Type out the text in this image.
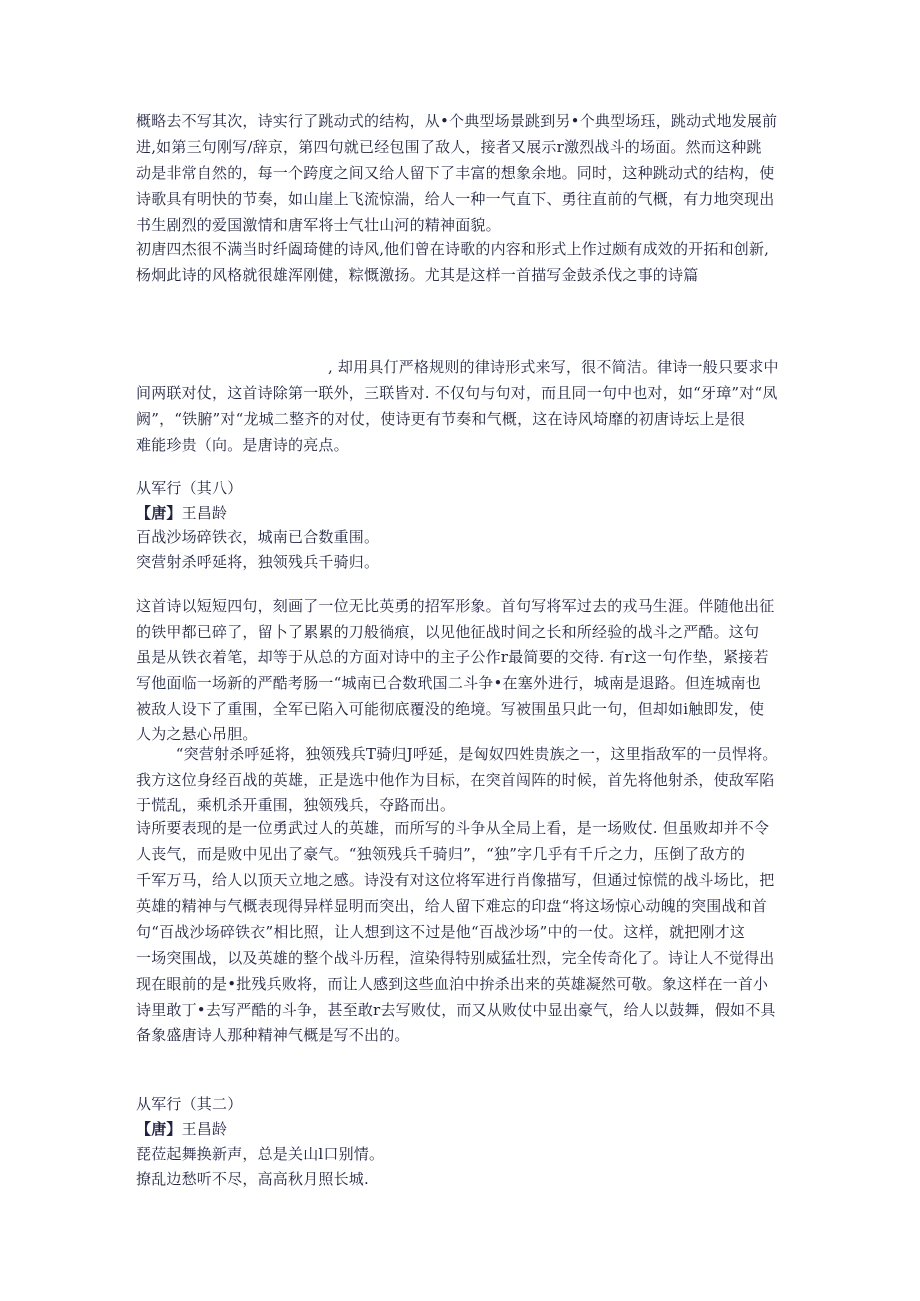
概略去不写其次，诗实行了跳动式的结构，从•个典型场景跳到另•个典型场珏，跳动式地发展前
进,如第三句刚写/辞京，第四句就已经包围了敌人，接者又展示r激烈战斗的场面。然而这种跳
动是非常自然的，每一个跨度之间又给人留下了丰富的想象余地。同时，这种跳动式的结构，使
诗歌具有明快的节奏，如山崖上飞流惊湍，给人一种一气直下、勇往直前的气概，有力地突现出
书生剧烈的爱国激情和唐军将士气壮山河的精神面貌。
初唐四杰很不满当时纤阖琦健的诗风,他们曾在诗歌的内容和形式上作过颇有成效的开拓和创新,
杨炯此诗的风格就很雄浑刚健，粽慨激扬。尤其是这样一首描写金鼓杀伐之事的诗篇
, 却用具仃严格规则的律诗形式来写，很不简洁。律诗一般只要求中
间两联对仗，这首诗除第一联外，三联皆对. 不仅句与句对，而且同一句中也对，如“牙璋”对“凤
阙”，“铁腑”对“龙城二整齐的对仗，使诗更有节奏和气概，这在诗风埼靡的初唐诗坛上是很
难能珍贵（向。是唐诗的亮点。
从军行（其八）
【唐】王昌龄
百战沙场碎铁衣，城南已合数重围。
突营射杀呼延将，独领残兵千骑归。
这首诗以短短四句，刻画了一位无比英勇的招军形象。首句写将军过去的戎马生涯。伴随他出征
的铁甲都已碎了，留卜了累累的刀般徜痕，以见他征战时间之长和所经验的战斗之严酷。这句
虽是从铁衣着笔，却等于从总的方面对诗中的主子公作r最简要的交待. 有r这一句作垫，紧接若
写他面临一场新的严酷考肠一“城南已合数玳国二斗争•在塞外进行，城南是退路。但连城南也
被敌人设下了重围，全军已陷入可能彻底覆没的绝境。写被围虽只此一句，但却如i触即发，使
人为之悬心吊胆。
“突营射杀呼延将，独领残兵T骑归J呼延，是匈奴四姓贵族之一，这里指敌军的一员悍将。
我方这位身经百战的英雄，正是选中他作为目标，在突首闯阵的时候，首先将他射杀，使敌军陷
于慌乱，乘机杀开重围，独领残兵，夺路而出。
诗所要表现的是一位勇武过人的英雄，而所写的斗争从全局上看，是一场败仗. 但虽败却并不令
人丧气，而是败中见出了豪气。“独领残兵千骑归”，“独”字几乎有千斤之力，压倒了敌方的
千军万马，给人以顶天立地之感。诗没有对这位将军进行肖像描写，但通过惊慌的战斗场比，把
英雄的精神与气概表现得异样显明而突出，给人留下难忘的印盘“将这场惊心动魄的突围战和首
句“百战沙场碎铁衣”相比照，让人想到这不过是他“百战沙场”中的一仗。这样，就把刚才这
一场突围战，以及英雄的整个战斗历程，渲染得特别威猛壮烈，完全传奇化了。诗让人不觉得出
现在眼前的是•批残兵败将，而让人感到这些血泊中拚杀出来的英雄凝然可敬。象这样在一首小
诗里敢丁•去写严酷的斗争，甚至敢r去写败仗，而又从败仗中显出豪气，给人以鼓舞，假如不具
备象盛唐诗人那种精神气概是写不出的。
从军行（其二）
【唐】王昌龄
琵莅起舞换新声，总是关山l口别情。
撩乱边愁听不尽，高高秋月照长城.
